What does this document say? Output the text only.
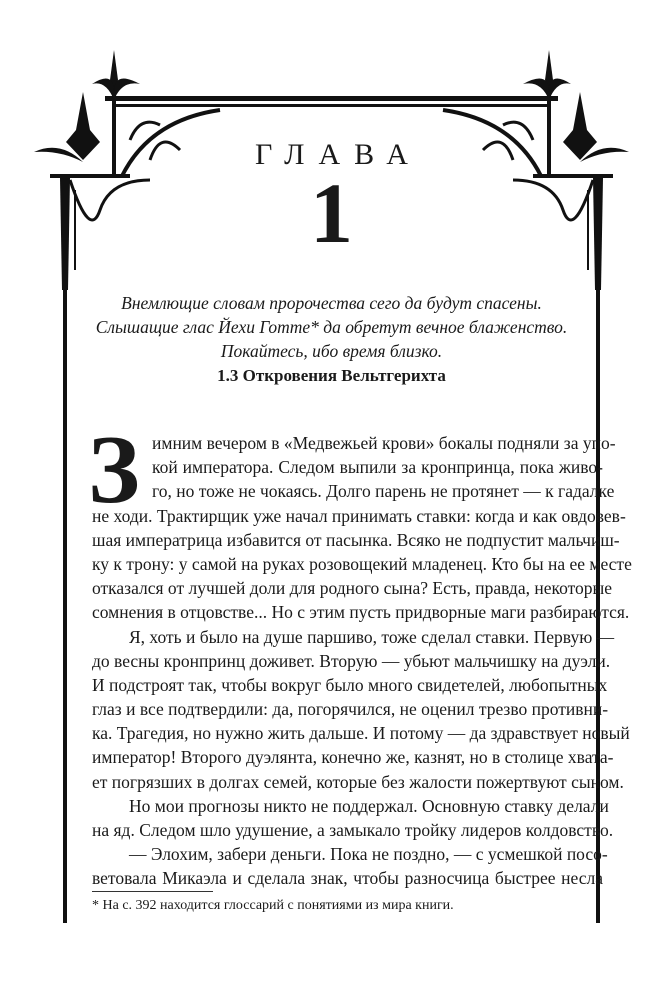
ГЛАВА
1
Внемлющие словам пророчества сего да будут спасены.
Слышащие глас Йехи Готте* да обретут вечное блаженство.
Покайтесь, ибо время близко.
1.3 Откровения Вельтгерихта
З имним вечером в «Медвежьей крови» бокалы подняли за упо-
кой императора. Следом выпили за кронпринца, пока живо-
го, но тоже не чокаясь. Долго парень не протянет — к гадалке
не ходи. Трактирщик уже начал принимать ставки: когда и как овдовев-
шая императрица избавится от пасынка. Всяко не подпустит мальчиш-
ку к трону: у самой на руках розовощекий младенец. Кто бы на ее месте
отказался от лучшей доли для родного сына? Есть, правда, некоторые
сомнения в отцовстве... Но с этим пусть придворные маги разбираются.
Я, хоть и было на душе паршиво, тоже сделал ставки. Первую —
до весны кронпринц доживет. Вторую — убьют мальчишку на дуэли.
И подстроят так, чтобы вокруг было много свидетелей, любопытных
глаз и все подтвердили: да, погорячился, не оценил трезво противни-
ка. Трагедия, но нужно жить дальше. И потому — да здравствует новый
император! Второго дуэлянта, конечно же, казнят, но в столице хвата-
ет погрязших в долгах семей, которые без жалости пожертвуют сыном.
Но мои прогнозы никто не поддержал. Основную ставку делали
на яд. Следом шло удушение, а замыкало тройку лидеров колдовство.
— Элохим, забери деньги. Пока не поздно, — с усмешкой посо-
ветовала Микаэла и сделала знак, чтобы разносчица быстрее несла
* На с. 392 находится глоссарий с понятиями из мира книги.
